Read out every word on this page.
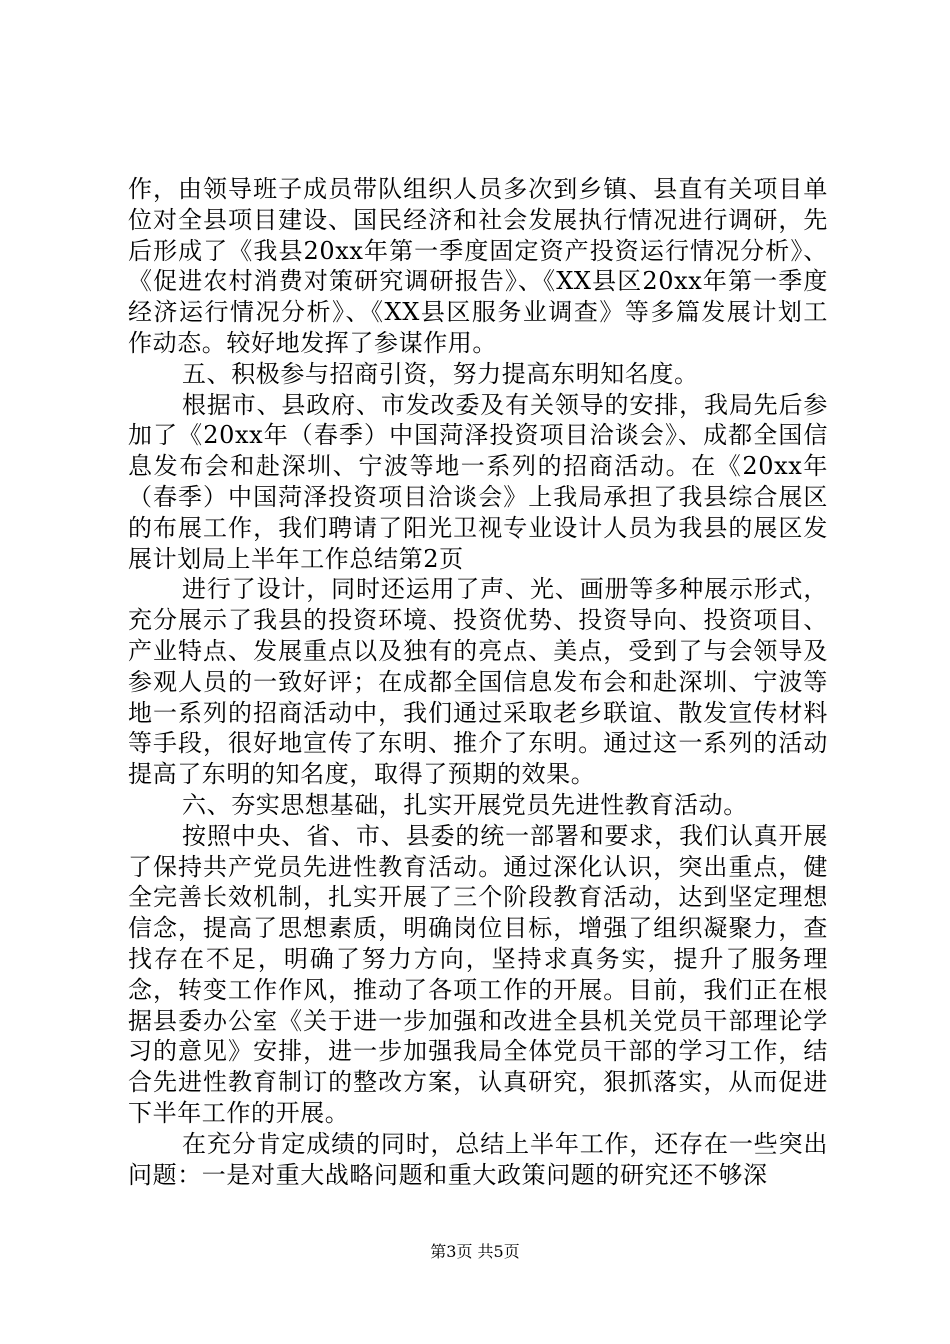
作，由领导班子成员带队组织人员多次到乡镇、县直有关项目单位对全县项目建设、国民经济和社会发展执行情况进行调研，先后形成了《我县20xx年第一季度固定资产投资运行情况分析》、《促进农村消费对策研究调研报告》、《XX县区20xx年第一季度经济运行情况分析》、《XX县区服务业调查》等多篇发展计划工作动态。较好地发挥了参谋作用。

五、积极参与招商引资，努力提高东明知名度。

根据市、县政府、市发改委及有关领导的安排，我局先后参加了《20xx年（春季）中国菏泽投资项目洽谈会》、成都全国信息发布会和赴深圳、宁波等地一系列的招商活动。在《20xx年（春季）中国菏泽投资项目洽谈会》上我局承担了我县综合展区的布展工作，我们聘请了阳光卫视专业设计人员为我县的展区发展计划局上半年工作总结第2页

进行了设计，同时还运用了声、光、画册等多种展示形式，充分展示了我县的投资环境、投资优势、投资导向、投资项目、产业特点、发展重点以及独有的亮点、美点，受到了与会领导及参观人员的一致好评；在成都全国信息发布会和赴深圳、宁波等地一系列的招商活动中，我们通过采取老乡联谊、散发宣传材料等手段，很好地宣传了东明、推介了东明。通过这一系列的活动提高了东明的知名度，取得了预期的效果。

六、夯实思想基础，扎实开展党员先进性教育活动。

按照中央、省、市、县委的统一部署和要求，我们认真开展了保持共产党员先进性教育活动。通过深化认识，突出重点，健全完善长效机制，扎实开展了三个阶段教育活动，达到坚定理想信念，提高了思想素质，明确岗位目标，增强了组织凝聚力，查找存在不足，明确了努力方向，坚持求真务实，提升了服务理念，转变工作作风，推动了各项工作的开展。目前，我们正在根据县委办公室《关于进一步加强和改进全县机关党员干部理论学习的意见》安排，进一步加强我局全体党员干部的学习工作，结合先进性教育制订的整改方案，认真研究，狠抓落实，从而促进下半年工作的开展。

在充分肯定成绩的同时，总结上半年工作，还存在一些突出问题：一是对重大战略问题和重大政策问题的研究还不够深

第3页 共5页
